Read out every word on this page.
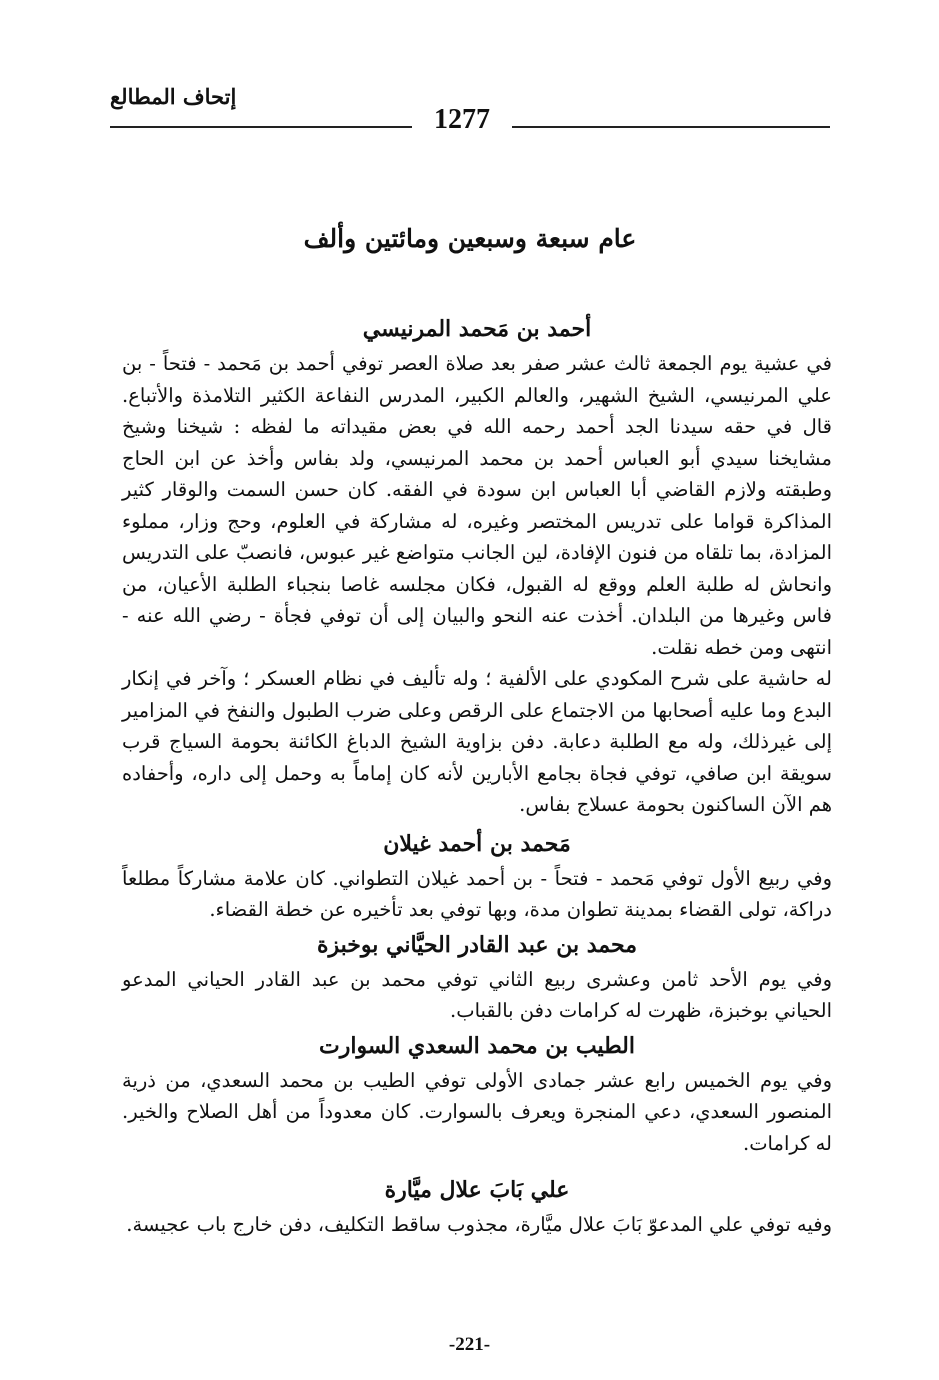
إتحاف المطالع
1277
عام سبعة وسبعين ومائتين وألف
أحمد بن مَحمد المرنيسي

في عشية يوم الجمعة ثالث عشر صفر بعد صلاة العصر توفي أحمد بن مَحمد - فتحاً - بن علي المرنيسي، الشيخ الشهير، والعالم الكبير، المدرس النفاعة الكثير التلامذة والأتباع. قال في حقه سيدنا الجد أحمد رحمه الله في بعض مقيداته ما لفظه : شيخنا وشيخ مشايخنا سيدي أبو العباس أحمد بن محمد المرنيسي، ولد بفاس وأخذ عن ابن الحاج وطبقته ولازم القاضي أبا العباس ابن سودة في الفقه. كان حسن السمت والوقار كثير المذاكرة قواما على تدريس المختصر وغيره، له مشاركة في العلوم، وحج وزار، مملوء المزادة، بما تلقاه من فنون الإفادة، لين الجانب متواضع غير عبوس، فانصبّ على التدريس وانحاش له طلبة العلم ووقع له القبول، فكان مجلسه غاصا بنجباء الطلبة الأعيان، من فاس وغيرها من البلدان. أخذت عنه النحو والبيان إلى أن توفي فجأة - رضي الله عنه - انتهى ومن خطه نقلت.

له حاشية على شرح المكودي على الألفية ؛ وله تأليف في نظام العسكر ؛ وآخر في إنكار البدع وما عليه أصحابها من الاجتماع على الرقص وعلى ضرب الطبول والنفخ في المزامير إلى غيرذلك، وله مع الطلبة دعابة. دفن بزاوية الشيخ الدباغ الكائنة بحومة السياج قرب سويقة ابن صافي، توفي فجاة بجامع الأبارين لأنه كان إماماً به وحمل إلى داره، وأحفاده هم الآن الساكنون بحومة عسلاج بفاس.

مَحمد بن أحمد غيلان

وفي ربيع الأول توفي مَحمد - فتحاً - بن أحمد غيلان التطواني. كان علامة مشاركاً مطلعاً دراكة، تولى القضاء بمدينة تطوان مدة، وبها توفي بعد تأخيره عن خطة القضاء.

محمد بن عبد القادر الحيَّاني بوخبزة

وفي يوم الأحد ثامن وعشرى ربيع الثاني توفي محمد بن عبد القادر الحياني المدعو الحياني بوخبزة، ظهرت له كرامات دفن بالقباب.

الطيب بن محمد السعدي السوارت

وفي يوم الخميس رابع عشر جمادى الأولى توفي الطيب بن محمد السعدي، من ذرية المنصور السعدي، دعي المنجرة ويعرف بالسوارت. كان معدوداً من أهل الصلاح والخير. له كرامات.

علي بَابَ علال ميَّارة

وفيه توفي علي المدعوّ بَابَ علال ميَّارة، مجذوب ساقط التكليف، دفن خارج باب عجيسة.

-221-
